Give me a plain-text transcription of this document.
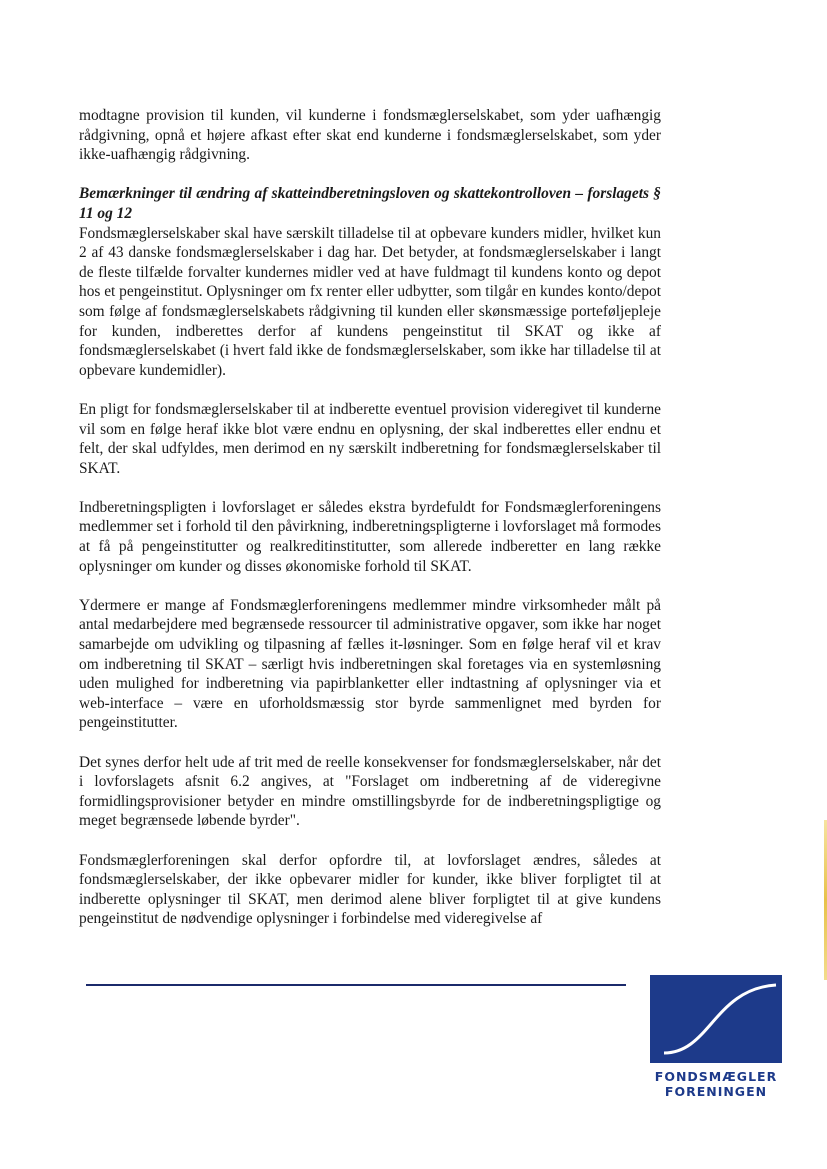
modtagne provision til kunden, vil kunderne i fondsmæglerselskabet, som yder uafhængig rådgivning, opnå et højere afkast efter skat end kunderne i fondsmæglerselskabet, som yder ikke-uafhængig rådgivning.

Bemærkninger til ændring af skatteindberetningsloven og skattekontrolloven – forslagets § 11 og 12

Fondsmæglerselskaber skal have særskilt tilladelse til at opbevare kunders midler, hvilket kun 2 af 43 danske fondsmæglerselskaber i dag har. Det betyder, at fondsmæglerselskaber i langt de fleste tilfælde forvalter kundernes midler ved at have fuldmagt til kundens konto og depot hos et pengeinstitut. Oplysninger om fx renter eller udbytter, som tilgår en kundes konto/depot som følge af fondsmæglerselskabets rådgivning til kunden eller skønsmæssige porteføljepleje for kunden, indberettes derfor af kundens pengeinstitut til SKAT og ikke af fondsmæglerselskabet (i hvert fald ikke de fondsmæglerselskaber, som ikke har tilladelse til at opbevare kundemidler).

En pligt for fondsmæglerselskaber til at indberette eventuel provision videregivet til kunderne vil som en følge heraf ikke blot være endnu en oplysning, der skal indberettes eller endnu et felt, der skal udfyldes, men derimod en ny særskilt indberetning for fondsmæglerselskaber til SKAT.

Indberetningspligten i lovforslaget er således ekstra byrdefuldt for Fondsmæglerforeningens medlemmer set i forhold til den påvirkning, indberetningspligterne i lovforslaget må formodes at få på pengeinstitutter og realkreditinstitutter, som allerede indberetter en lang række oplysninger om kunder og disses økonomiske forhold til SKAT.

Ydermere er mange af Fondsmæglerforeningens medlemmer mindre virksomheder målt på antal medarbejdere med begrænsede ressourcer til administrative opgaver, som ikke har noget samarbejde om udvikling og tilpasning af fælles it-løsninger. Som en følge heraf vil et krav om indberetning til SKAT – særligt hvis indberetningen skal foretages via en systemløsning uden mulighed for indberetning via papirblanketter eller indtastning af oplysninger via et web-interface – være en uforholdsmæssig stor byrde sammenlignet med byrden for pengeinstitutter.

Det synes derfor helt ude af trit med de reelle konsekvenser for fondsmæglerselskaber, når det i lovforslagets afsnit 6.2 angives, at "Forslaget om indberetning af de videregivne formidlingsprovisioner betyder en mindre omstillingsbyrde for de indberetningspligtige og meget begrænsede løbende byrder".

Fondsmæglerforeningen skal derfor opfordre til, at lovforslaget ændres, således at fondsmæglerselskaber, der ikke opbevarer midler for kunder, ikke bliver forpligtet til at indberette oplysninger til SKAT, men derimod alene bliver forpligtet til at give kundens pengeinstitut de nødvendige oplysninger i forbindelse med videregivelse af

FONDSMÆGLER
FORENINGEN
